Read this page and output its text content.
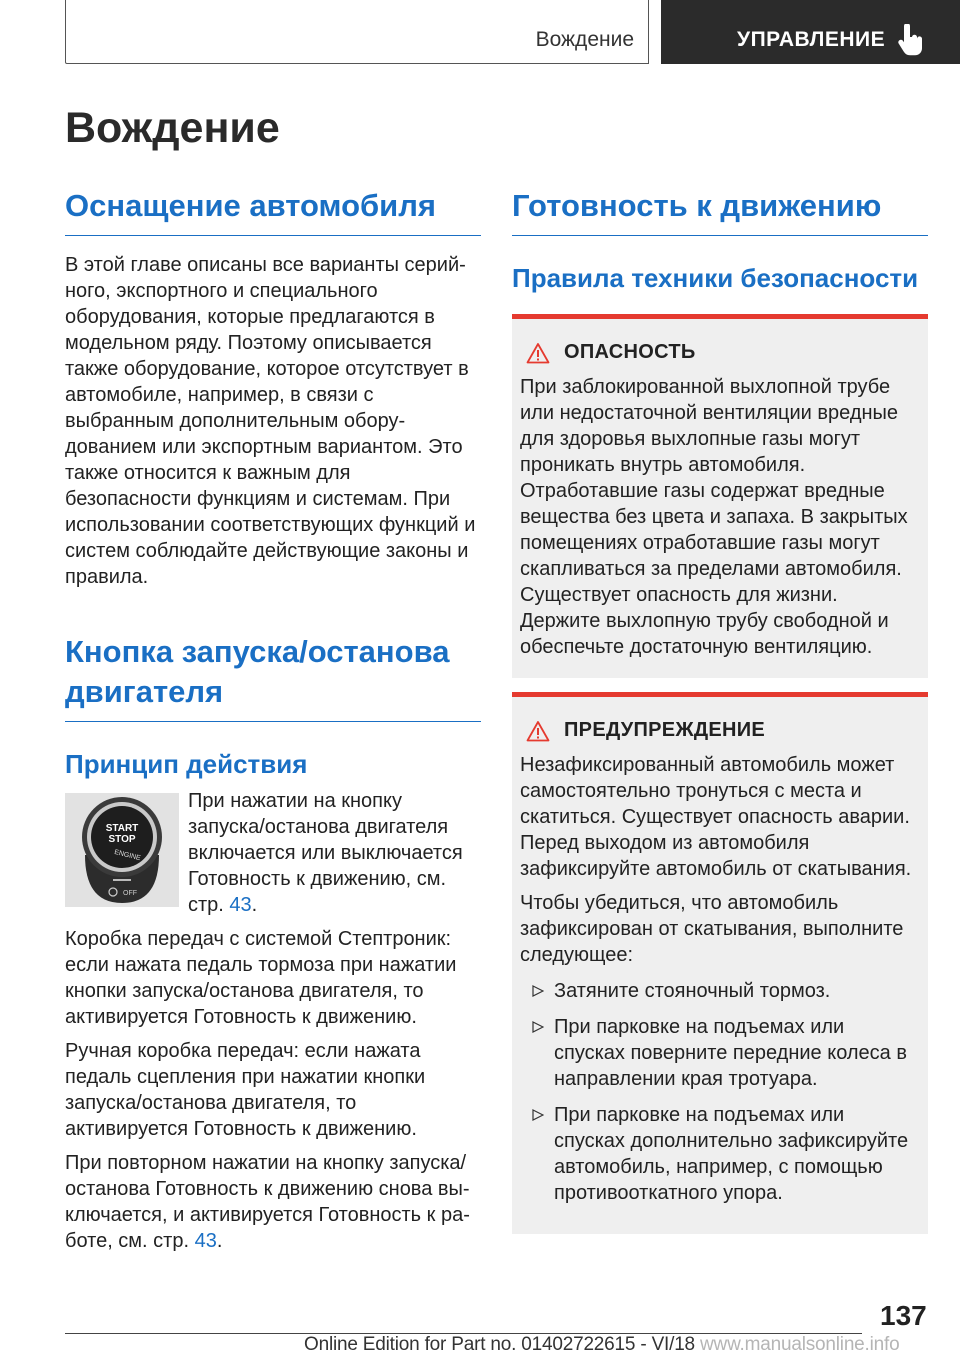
Вождение	УПРАВЛЕНИЕ
Вождение
Оснащение автомобиля

В этой главе описаны все варианты серийного, экспортного и специального оборудования, которые предлагаются в модельном ряду. Поэтому описывается также оборудование, которое отсутствует в автомобиле, например, в связи с выбранным дополнительным оборудованием или экспортным вариантом. Это также относится к важным для безопасности функциям и системам. При использовании соответствующих функций и систем соблюдайте действующие законы и правила.

Кнопка запуска/останова двигателя
Принцип действия
START
STOP
ENGINE
OFF

При нажатии на кнопку запуска/останова двигателя включается или выключается Готовность к движению, см. стр. 43.

Коробка передач с системой Стептроник: если нажата педаль тормоза при нажатии кнопки запуска/останова двигателя, то активируется Готовность к движению.

Ручная коробка передач: если нажата педаль сцепления при нажатии кнопки запуска/останова двигателя, то активируется Готовность к движению.

При повторном нажатии на кнопку запуска/останова Готовность к движению снова выключается, и активируется Готовность к работе, см. стр. 43.

Готовность к движению
Правила техники безопасности
ОПАСНОСТЬ

При заблокированной выхлопной трубе или недостаточной вентиляции вредные для здоровья выхлопные газы могут проникать внутрь автомобиля. Отработавшие газы содержат вредные вещества без цвета и запаха. В закрытых помещениях отработавшие газы могут скапливаться за пределами автомобиля. Существует опасность для жизни. Держите выхлопную трубу свободной и обеспечьте достаточную вентиляцию.

ПРЕДУПРЕЖДЕНИЕ

Незафиксированный автомобиль может самостоятельно тронуться с места и скатиться. Существует опасность аварии. Перед выходом из автомобиля зафиксируйте автомобиль от скатывания.

Чтобы убедиться, что автомобиль зафиксирован от скатывания, выполните следующее:

Затяните стояночный тормоз.
При парковке на подъемах или спусках поверните передние колеса в направлении края тротуара.
При парковке на подъемах или спусках дополнительно зафиксируйте автомобиль, например, с помощью противооткатного упора.
137
Online Edition for Part no. 01402722615 - VI/18 www.manualsonline.info
